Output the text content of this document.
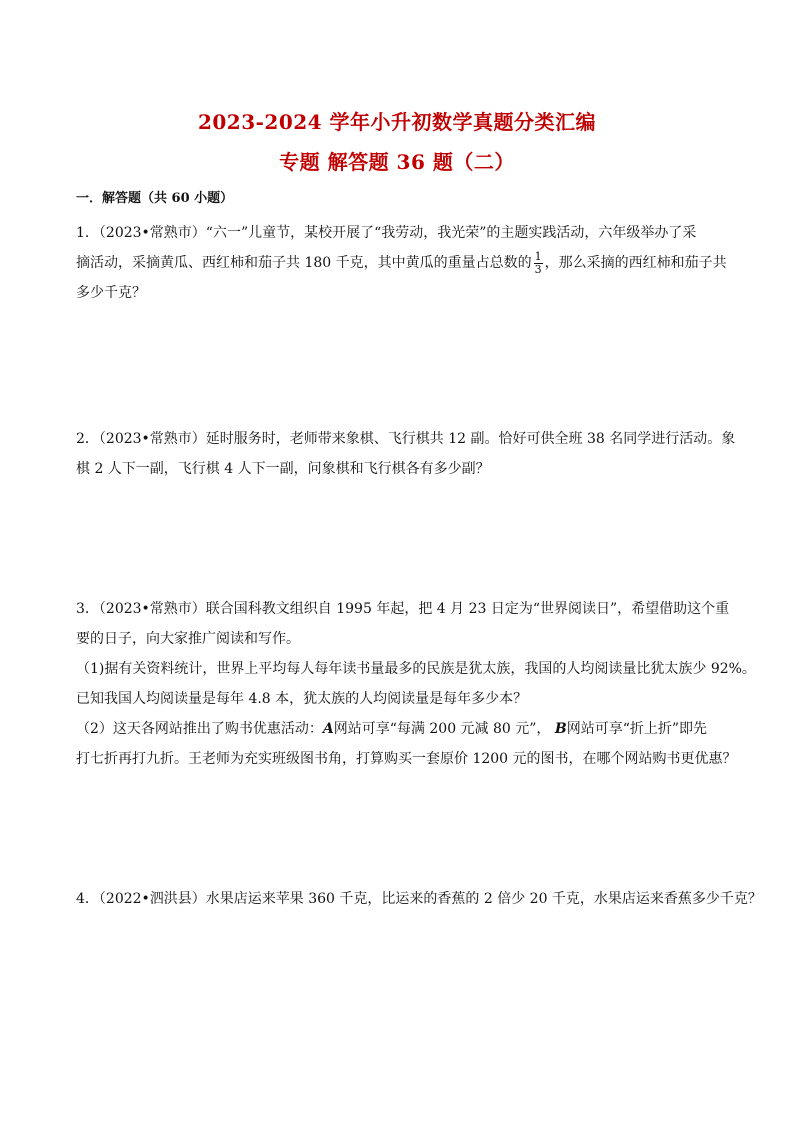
2023-2024 学年小升初数学真题分类汇编
专题 解答题 36 题（二）
一．解答题（共 60 小题）
1．（2023•常熟市）“六一”儿童节，某校开展了“我劳动，我光荣”的主题实践活动，六年级举办了采
摘活动，采摘黄瓜、西红柿和茄子共 180 千克，其中黄瓜的重量占总数的 $\frac{1}{3}$ ，那么采摘的西红柿和茄子共
多少千克？
2．（2023•常熟市）延时服务时，老师带来象棋、飞行棋共 12 副。恰好可供全班 38 名同学进行活动。象
棋 2 人下一副，飞行棋 4 人下一副，问象棋和飞行棋各有多少副？
3．（2023•常熟市）联合国科教文组织自 1995 年起，把 4 月 23 日定为“世界阅读日”，希望借助这个重
要的日子，向大家推广阅读和写作。
（1)据有关资料统计，世界上平均每人每年读书量最多的民族是犹太族，我国的人均阅读量比犹太族少 92%。
已知我国人均阅读量是每年 4.8 本，犹太族的人均阅读量是每年多少本？
（2）这天各网站推出了购书优惠活动：A网站可享“每满 200 元减 80 元”， B网站可享“折上折”即先
打七折再打九折。王老师为充实班级图书角，打算购买一套原价 1200 元的图书，在哪个网站购书更优惠？
4．（2022•泗洪县）水果店运来苹果 360 千克，比运来的香蕉的 2 倍少 20 千克，水果店运来香蕉多少千克？
